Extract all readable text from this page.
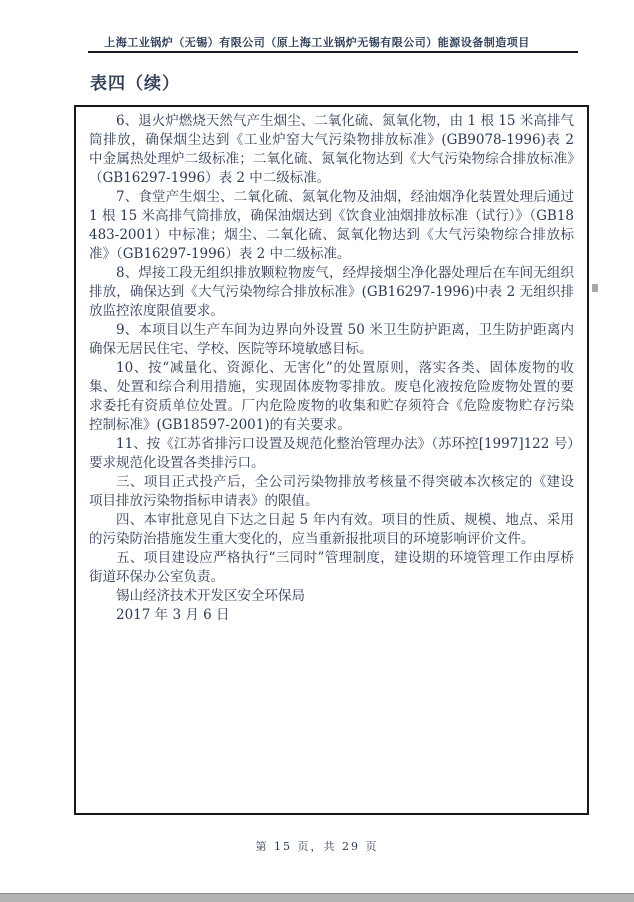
上海工业锅炉（无锡）有限公司（原上海工业锅炉无锡有限公司）能源设备制造项目
表四（续）

6、退火炉燃烧天然气产生烟尘、二氧化硫、氮氧化物，由 1 根 15 米高排气筒排放，确保烟尘达到《工业炉窑大气污染物排放标准》(GB9078-1996)表 2 中金属热处理炉二级标准；二氧化硫、氮氧化物达到《大气污染物综合排放标准》（GB16297-1996）表 2 中二级标准。

7、食堂产生烟尘、二氧化硫、氮氧化物及油烟，经油烟净化装置处理后通过 1 根 15 米高排气筒排放，确保油烟达到《饮食业油烟排放标准（试行）》（GB18483-2001）中标准；烟尘、二氧化硫、氮氧化物达到《大气污染物综合排放标准》（GB16297-1996）表 2 中二级标准。

8、焊接工段无组织排放颗粒物废气，经焊接烟尘净化器处理后在车间无组织排放，确保达到《大气污染物综合排放标准》(GB16297-1996)中表 2 无组织排放监控浓度限值要求。

9、本项目以生产车间为边界向外设置 50 米卫生防护距离，卫生防护距离内确保无居民住宅、学校、医院等环境敏感目标。

10、按“减量化、资源化、无害化”的处置原则，落实各类、固体废物的收集、处置和综合利用措施，实现固体废物零排放。废皂化液按危险废物处置的要求委托有资质单位处置。厂内危险废物的收集和贮存须符合《危险废物贮存污染控制标准》(GB18597-2001)的有关要求。

11、按《江苏省排污口设置及规范化整治管理办法》（苏环控[1997]122 号）要求规范化设置各类排污口。

三、项目正式投产后，全公司污染物排放考核量不得突破本次核定的《建设项目排放污染物指标申请表》的限值。

四、本审批意见自下达之日起 5 年内有效。项目的性质、规模、地点、采用的污染防治措施发生重大变化的，应当重新报批项目的环境影响评价文件。

五、项目建设应严格执行“三同时”管理制度，建设期的环境管理工作由厚桥街道环保办公室负责。

锡山经济技术开发区安全环保局

2017 年 3 月 6 日

第 15 页，共 29 页
